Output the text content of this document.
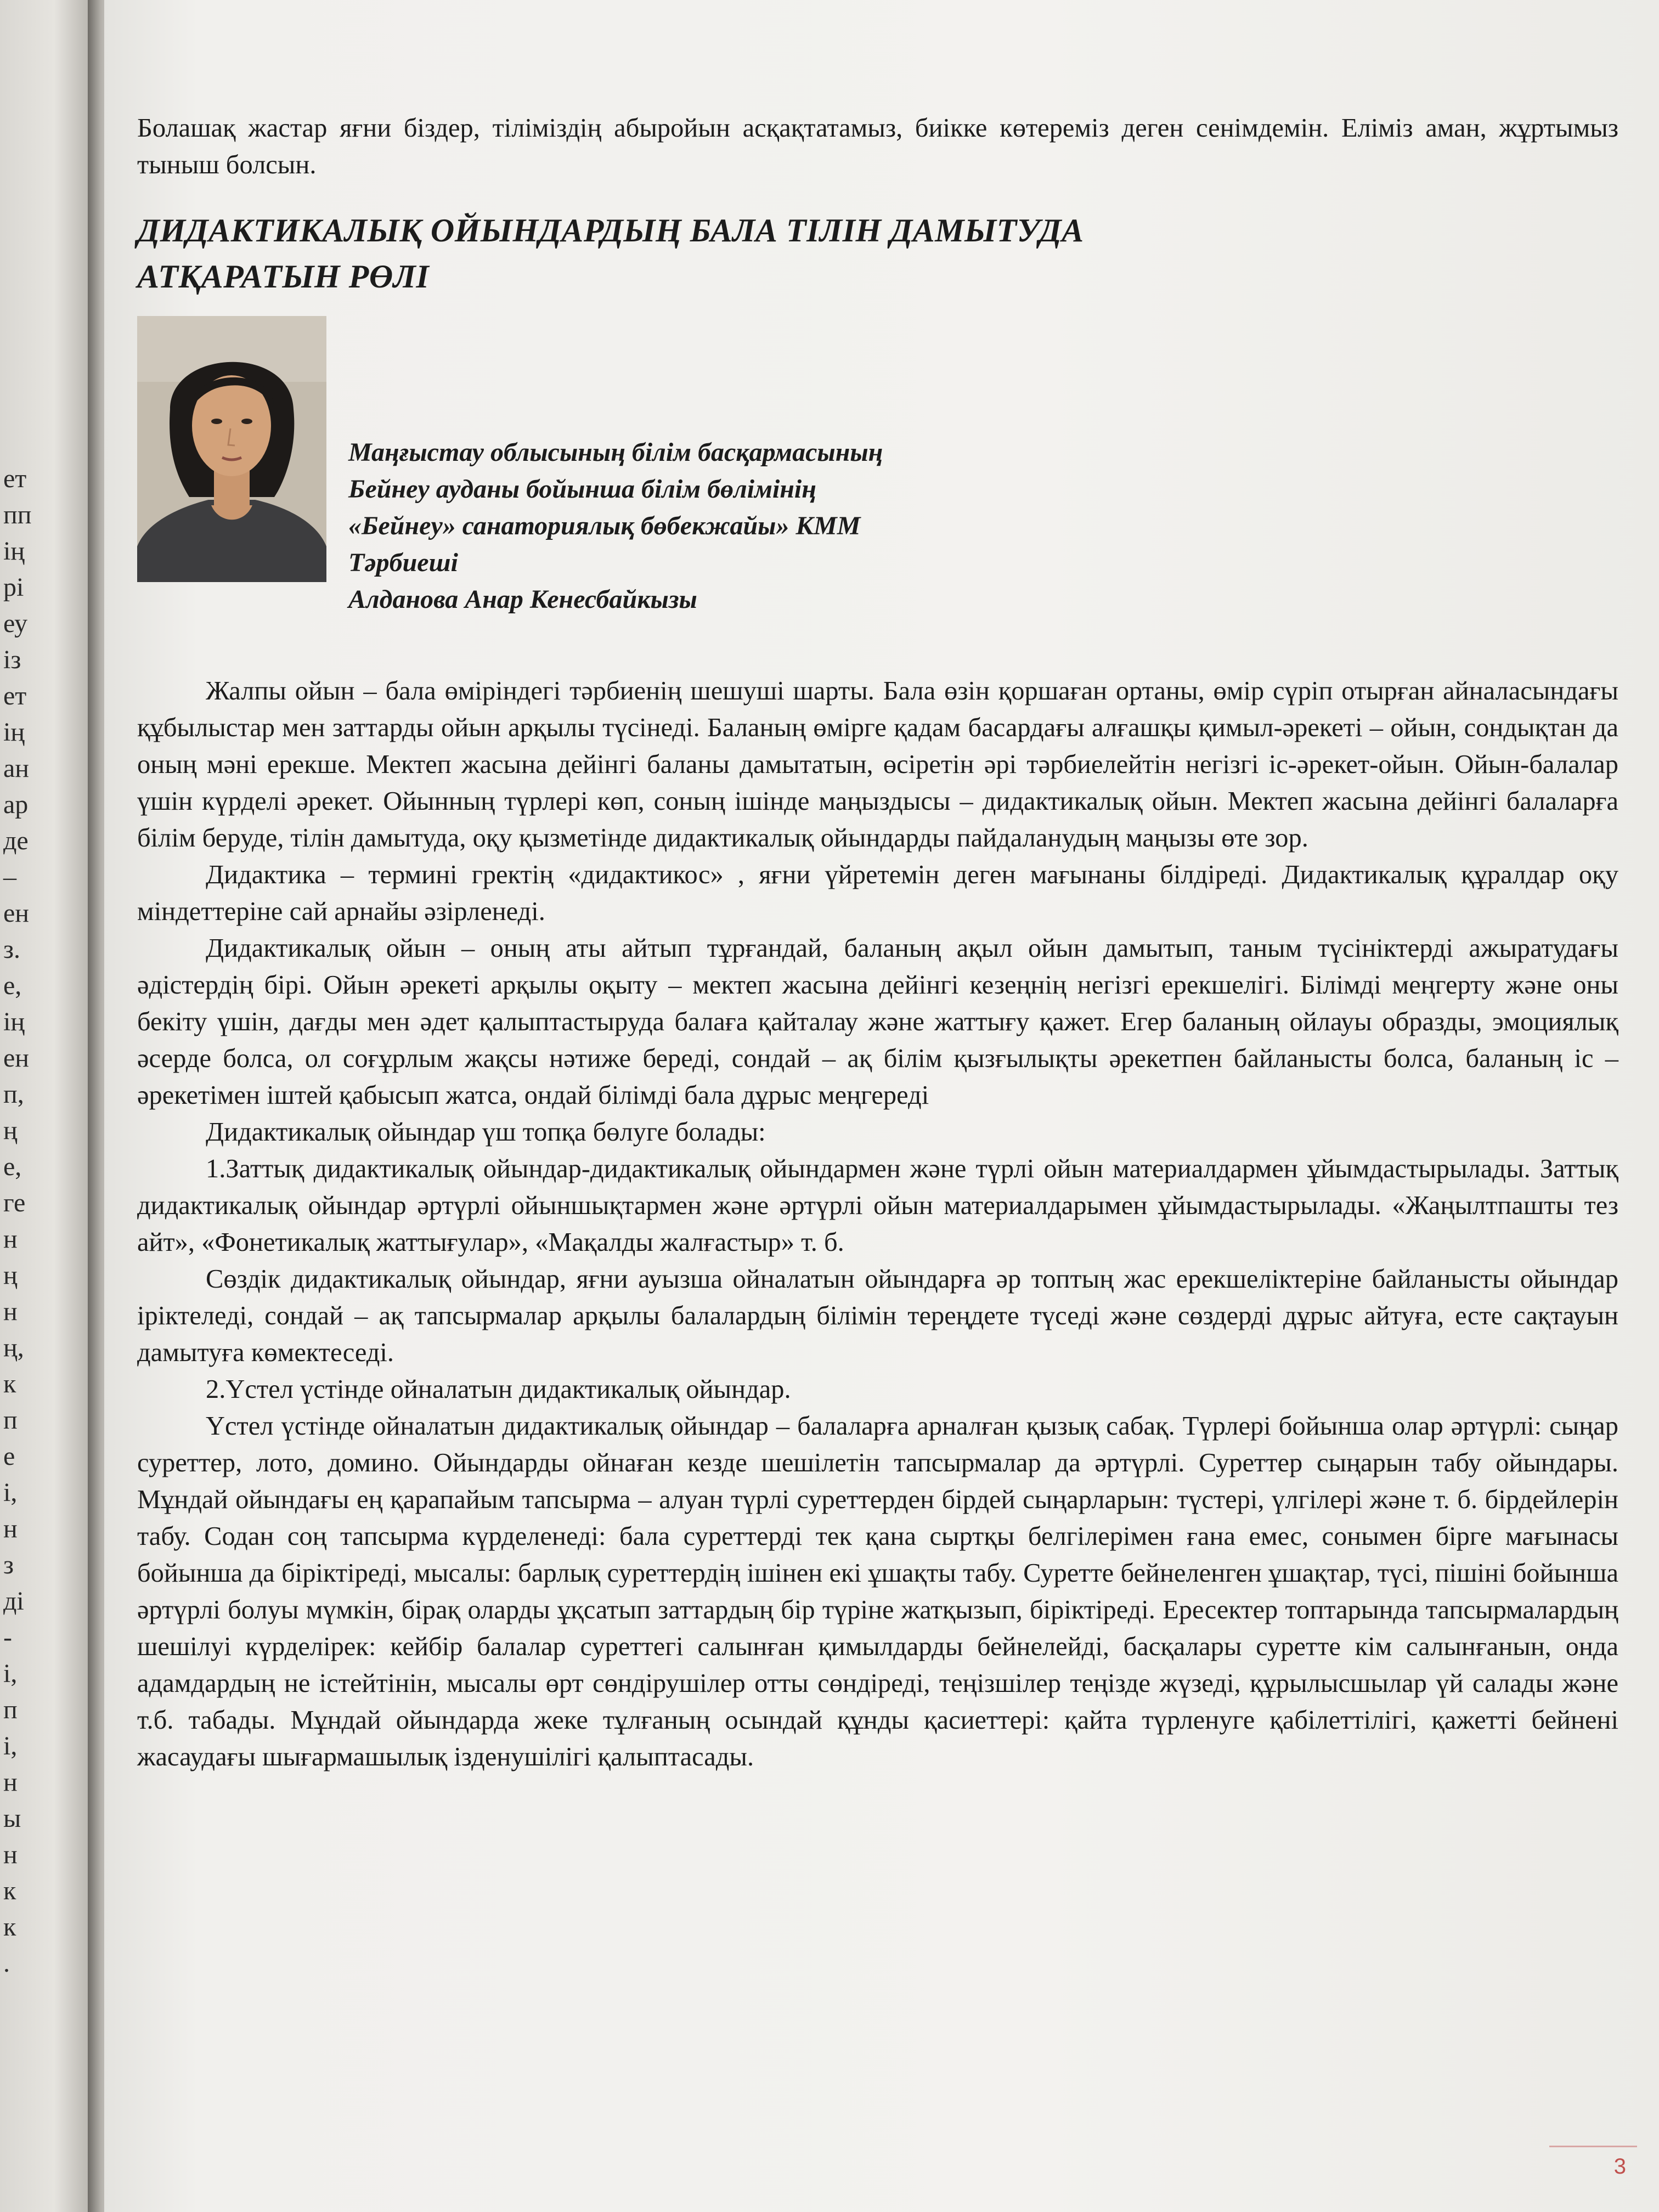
ет
пп
ің
рі
еу
із
ет
ің
ан
ар
де
–
ен
з.
е,
ің
ен
п,
ң
е,
ге
н
ң
н
ң,
к
п
е
і,
н
з
ді
-
і,
п
і,
н
ы
н
к
к
.

Болашақ жастар яғни біздер, тіліміздің абыройын асқақтатамыз, биікке көтереміз деген сенімдемін. Еліміз аман, жұртымыз тыныш болсын.

ДИДАКТИКАЛЫҚ ОЙЫНДАРДЫҢ БАЛА ТІЛІН ДАМЫТУДА
АТҚАРАТЫН РӨЛІ

Маңғыстау облысының білім басқармасының
Бейнеу ауданы бойынша білім бөлімінің
«Бейнеу» санаториялық бөбекжайы» КММ
Тәрбиеші
Алданова Анар Кенесбайкызы

Жалпы ойын – бала өміріндегі тәрбиенің шешуші шарты. Бала өзін қоршаған ортаны, өмір сүріп отырған айналасындағы құбылыстар мен заттарды ойын арқылы түсінеді. Баланың өмірге қадам басардағы алғашқы қимыл-әрекеті – ойын, сондықтан да оның мәні ерекше. Мектеп жасына дейінгі баланы дамытатын, өсіретін әрі тәрбиелейтін негізгі іс-әрекет-ойын. Ойын-балалар үшін күрделі әрекет. Ойынның түрлері көп, соның ішінде маңыздысы – дидактикалық ойын. Мектеп жасына дейінгі балаларға білім беруде, тілін дамытуда, оқу қызметінде дидактикалық ойындарды пайдаланудың маңызы өте зор.

Дидактика – термині гректің «дидактикос» , яғни үйретемін деген мағынаны білдіреді. Дидактикалық құралдар оқу міндеттеріне сай арнайы әзірленеді.

Дидактикалық ойын – оның аты айтып тұрғандай, баланың ақыл ойын дамытып, таным түсініктерді ажыратудағы әдістердің бірі. Ойын әрекеті арқылы оқыту – мектеп жасына дейінгі кезеңнің негізгі ерекшелігі. Білімді меңгерту және оны бекіту үшін, дағды мен әдет қалыптастыруда балаға қайталау және жаттығу қажет. Егер баланың ойлауы образды, эмоциялық әсерде болса, ол соғұрлым жақсы нәтиже береді, сондай – ақ білім қызғылықты әрекетпен байланысты болса, баланың іс – әрекетімен іштей қабысып жатса, ондай білімді бала дұрыс меңгереді

Дидактикалық ойындар үш топқа бөлуге болады:

1.Заттық дидактикалық ойындар-дидактикалық ойындармен және түрлі ойын материалдармен ұйымдастырылады. Заттық дидактикалық ойындар әртүрлі ойыншықтармен және әртүрлі ойын материалдарымен ұйымдастырылады. «Жаңылтпашты тез айт», «Фонетикалық жаттығулар», «Мақалды жалғастыр» т. б.

Сөздік дидактикалық ойындар, яғни ауызша ойналатын ойындарға әр топтың жас ерекшеліктеріне байланысты ойындар іріктеледі, сондай – ақ тапсырмалар арқылы балалардың білімін тереңдете түседі және сөздерді дұрыс айтуға, есте сақтауын дамытуға көмектеседі.

2.Үстел үстінде ойналатын дидактикалық ойындар.

Үстел үстінде ойналатын дидактикалық ойындар – балаларға арналған қызық сабақ. Түрлері бойынша олар әртүрлі: сыңар суреттер, лото, домино. Ойындарды ойнаған кезде шешілетін тапсырмалар да әртүрлі. Суреттер сыңарын табу ойындары. Мұндай ойындағы ең қарапайым тапсырма – алуан түрлі суреттерден бірдей сыңарларын: түстері, үлгілері және т. б. бірдейлерін табу. Содан соң тапсырма күрделенеді: бала суреттерді тек қана сыртқы белгілерімен ғана емес, сонымен бірге мағынасы бойынша да біріктіреді, мысалы: барлық суреттердің ішінен екі ұшақты табу. Суретте бейнеленген ұшақтар, түсі, пішіні бойынша әртүрлі болуы мүмкін, бірақ оларды ұқсатып заттардың бір түріне жатқызып, біріктіреді. Ересектер топтарында тапсырмалардың шешілуі күрделірек: кейбір балалар суреттегі салынған қимылдарды бейнелейді, басқалары суретте кім салынғанын, онда адамдардың не істейтінін, мысалы өрт сөндірушілер отты сөндіреді, теңізшілер теңізде жүзеді, құрылысшылар үй салады және т.б. табады. Мұндай ойындарда жеке тұлғаның осындай құнды қасиеттері: қайта түрленуге қабілеттілігі, қажетті бейнені жасаудағы шығармашылық ізденушілігі қалыптасады.

3
